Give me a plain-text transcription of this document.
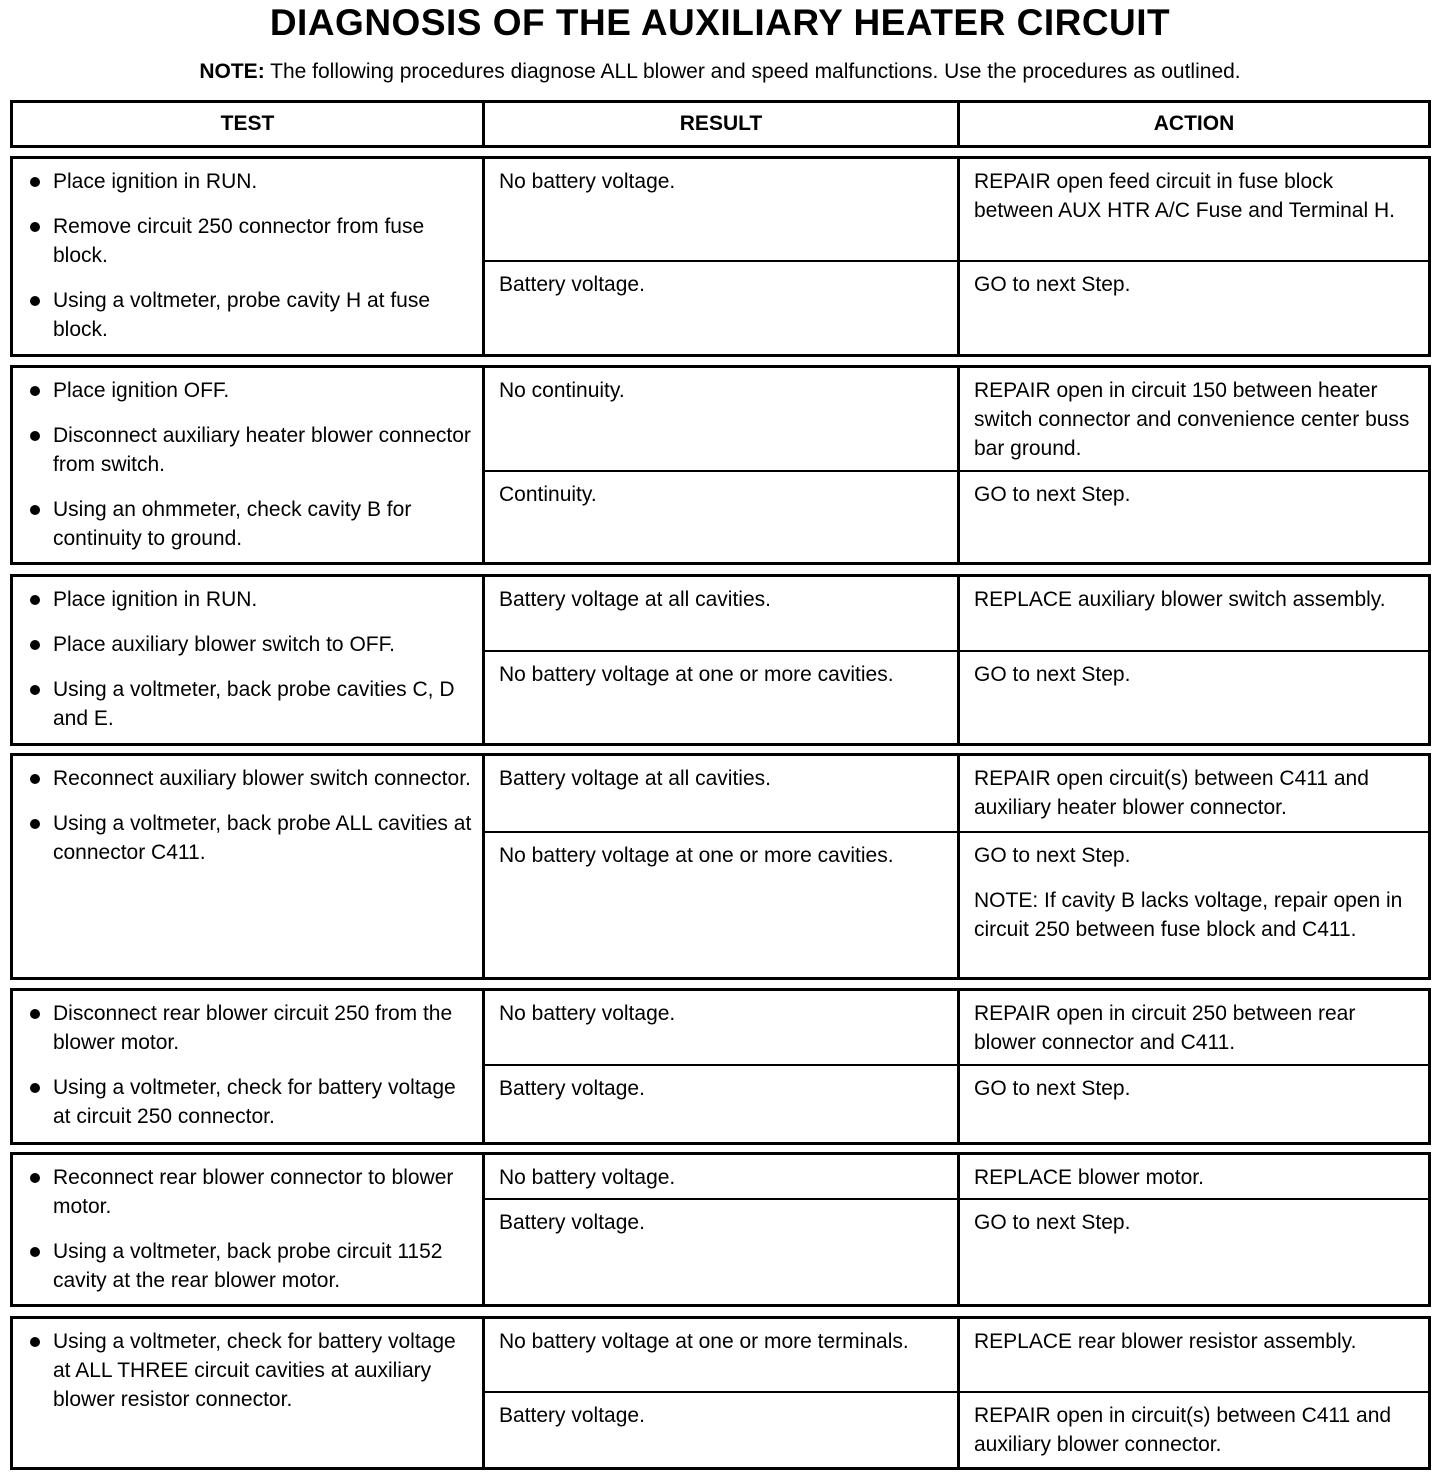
DIAGNOSIS OF THE AUXILIARY HEATER CIRCUIT
NOTE: The following procedures diagnose ALL blower and speed malfunctions. Use the procedures as outlined.
TEST	RESULT	ACTION
Place ignition in RUN.
Remove circuit 250 connector from fuse block.
Using a voltmeter, probe cavity H at fuse block.
No battery voltage.	REPAIR open feed circuit in fuse block between AUX HTR A/C Fuse and Terminal H.
Battery voltage.	GO to next Step.
Place ignition OFF.
Disconnect auxiliary heater blower connector from switch.
Using an ohmmeter, check cavity B for continuity to ground.
No continuity.	REPAIR open in circuit 150 between heater switch connector and convenience center buss bar ground.
Continuity.	GO to next Step.
Place ignition in RUN.
Place auxiliary blower switch to OFF.
Using a voltmeter, back probe cavities C, D and E.
Battery voltage at all cavities.	REPLACE auxiliary blower switch assembly.
No battery voltage at one or more cavities.	GO to next Step.
Reconnect auxiliary blower switch connector.
Using a voltmeter, back probe ALL cavities at connector C411.
Battery voltage at all cavities.	REPAIR open circuit(s) between C411 and auxiliary heater blower connector.
No battery voltage at one or more cavities.	GO to next Step.
NOTE: If cavity B lacks voltage, repair open in circuit 250 between fuse block and C411.
Disconnect rear blower circuit 250 from the blower motor.
Using a voltmeter, check for battery voltage at circuit 250 connector.
No battery voltage.	REPAIR open in circuit 250 between rear blower connector and C411.
Battery voltage.	GO to next Step.
Reconnect rear blower connector to blower motor.
Using a voltmeter, back probe circuit 1152 cavity at the rear blower motor.
No battery voltage.	REPLACE blower motor.
Battery voltage.	GO to next Step.
Using a voltmeter, check for battery voltage at ALL THREE circuit cavities at auxiliary blower resistor connector.
No battery voltage at one or more terminals.	REPLACE rear blower resistor assembly.
Battery voltage.	REPAIR open in circuit(s) between C411 and auxiliary blower connector.
